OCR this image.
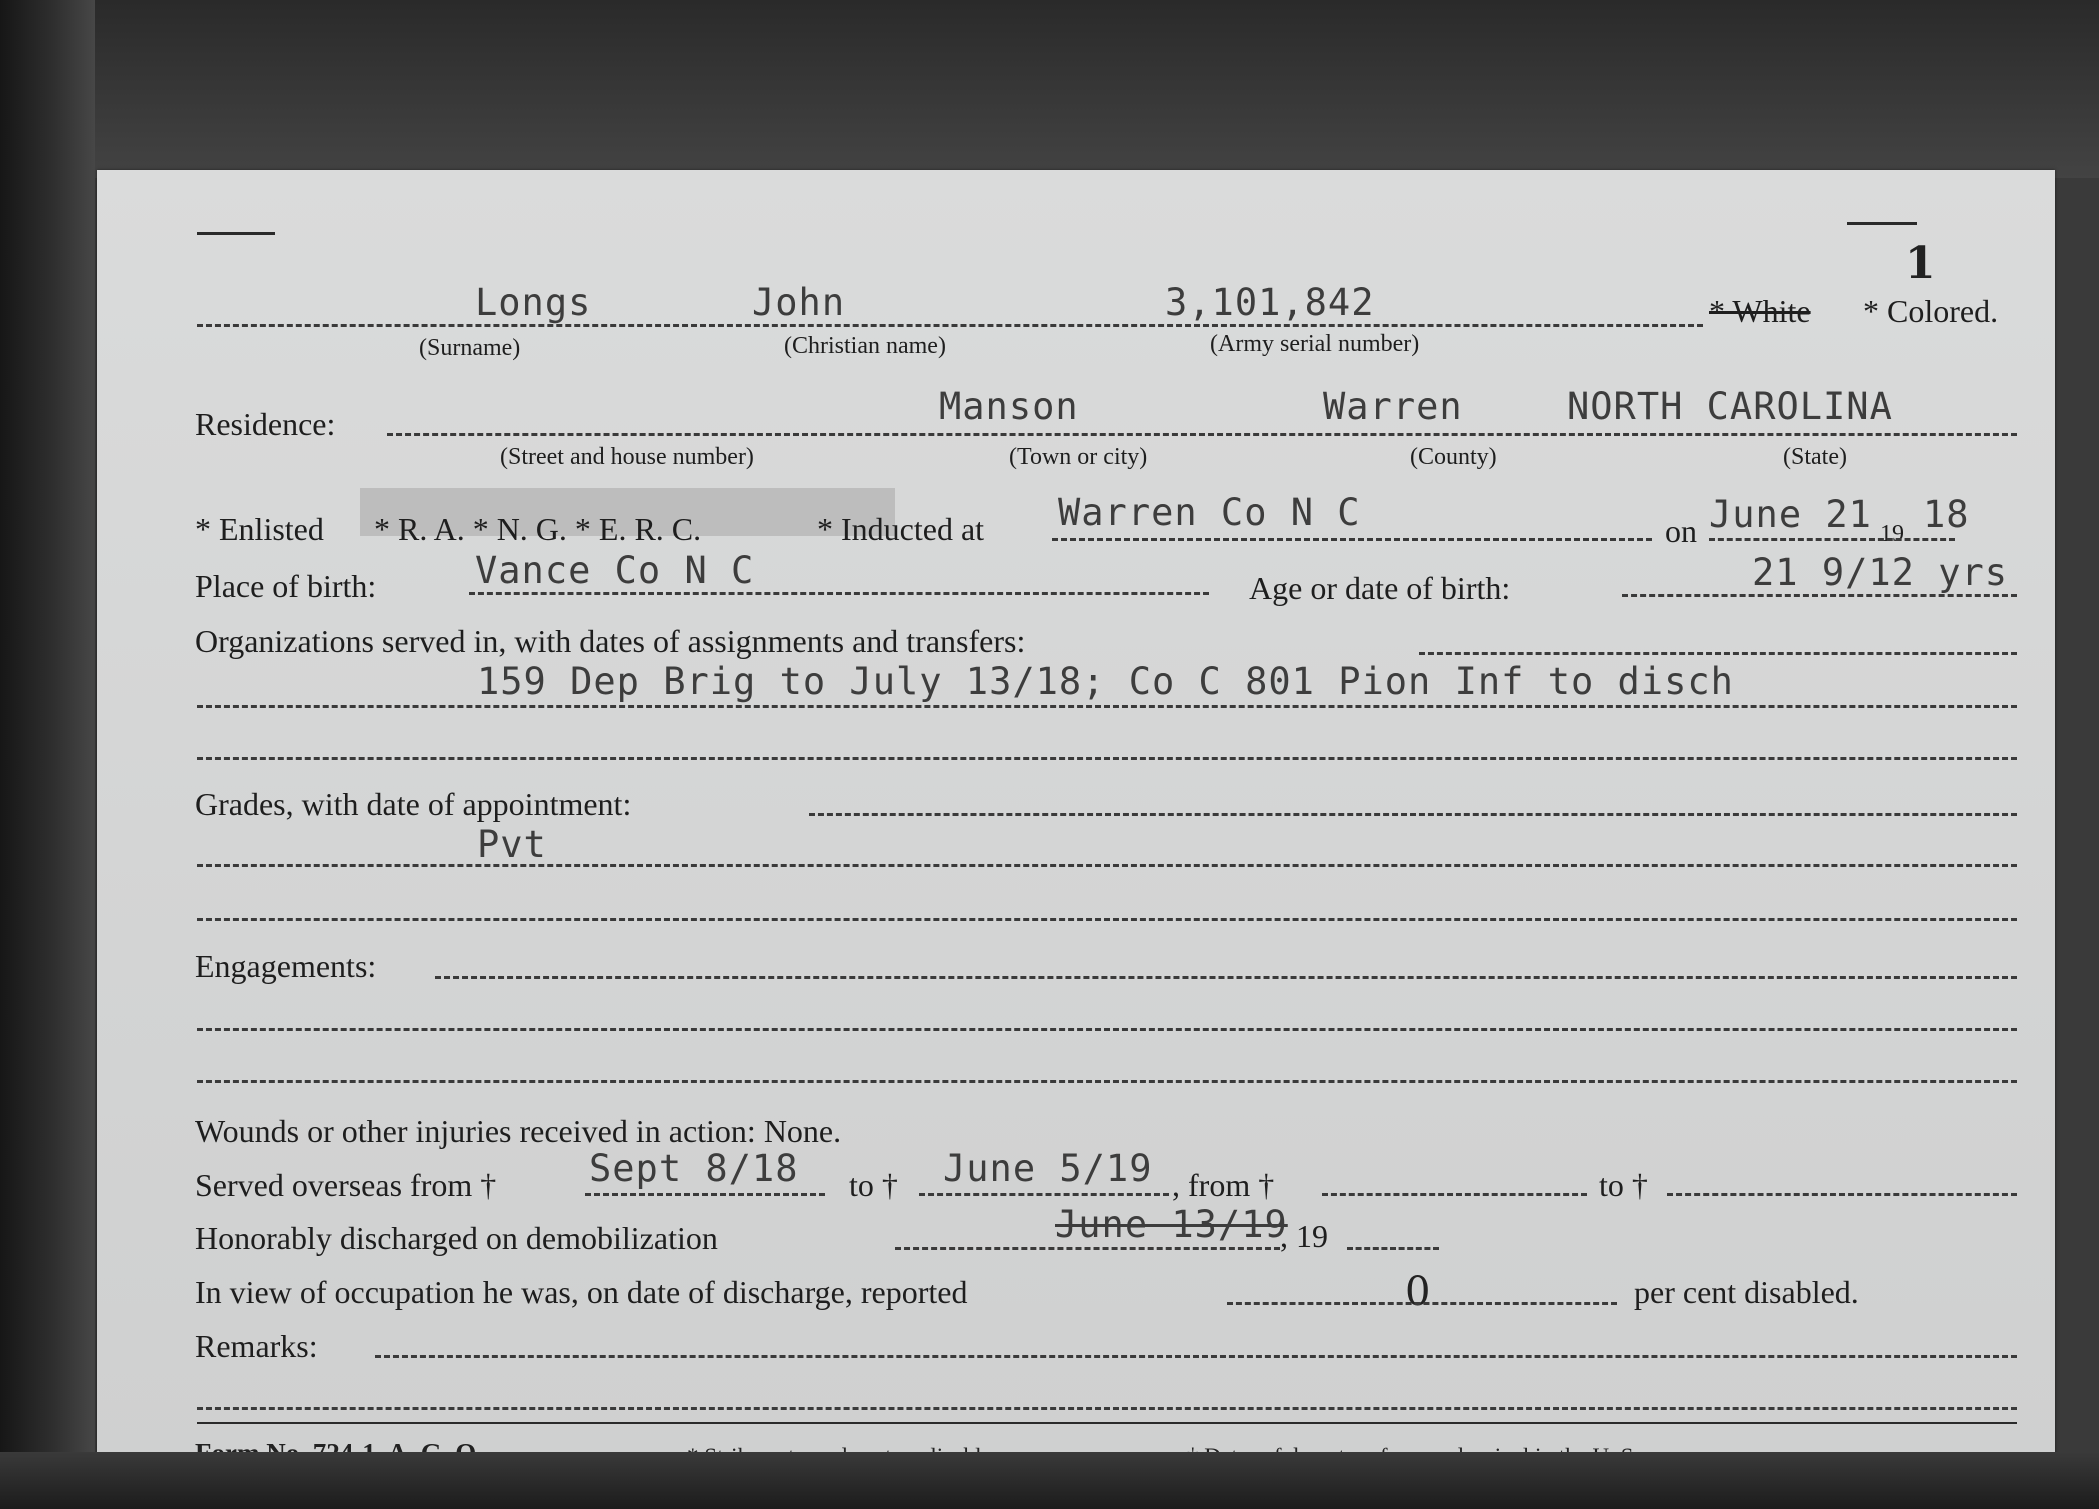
1
Longs	John	3,101,842	* White * Colored.
(Surname)	(Christian name)	(Army serial number)
Residence:	Manson	Warren	NORTH CAROLINA
(Street and house number)	(Town or city)	(County)	(State)
* Enlisted * R. A. * N. G. * E. R. C.	* Inducted at Warren Co N C	on June 21 19 18
Place of birth:	Vance Co N C	Age or date of birth:	21 9/12 yrs
Organizations served in, with dates of assignments and transfers:
159 Dep Brig to July 13/18; Co C 801 Pion Inf to disch
Grades, with date of appointment:
Pvt
Engagements:
Wounds or other injuries received in action: None.
Served overseas from †	Sept 8/18 to † June 5/19 , from †	to †
Honorably discharged on demobilization	June 13/19
, 19
In view of occupation he was, on date of discharge, reported	0	per cent disabled.
Remarks:
